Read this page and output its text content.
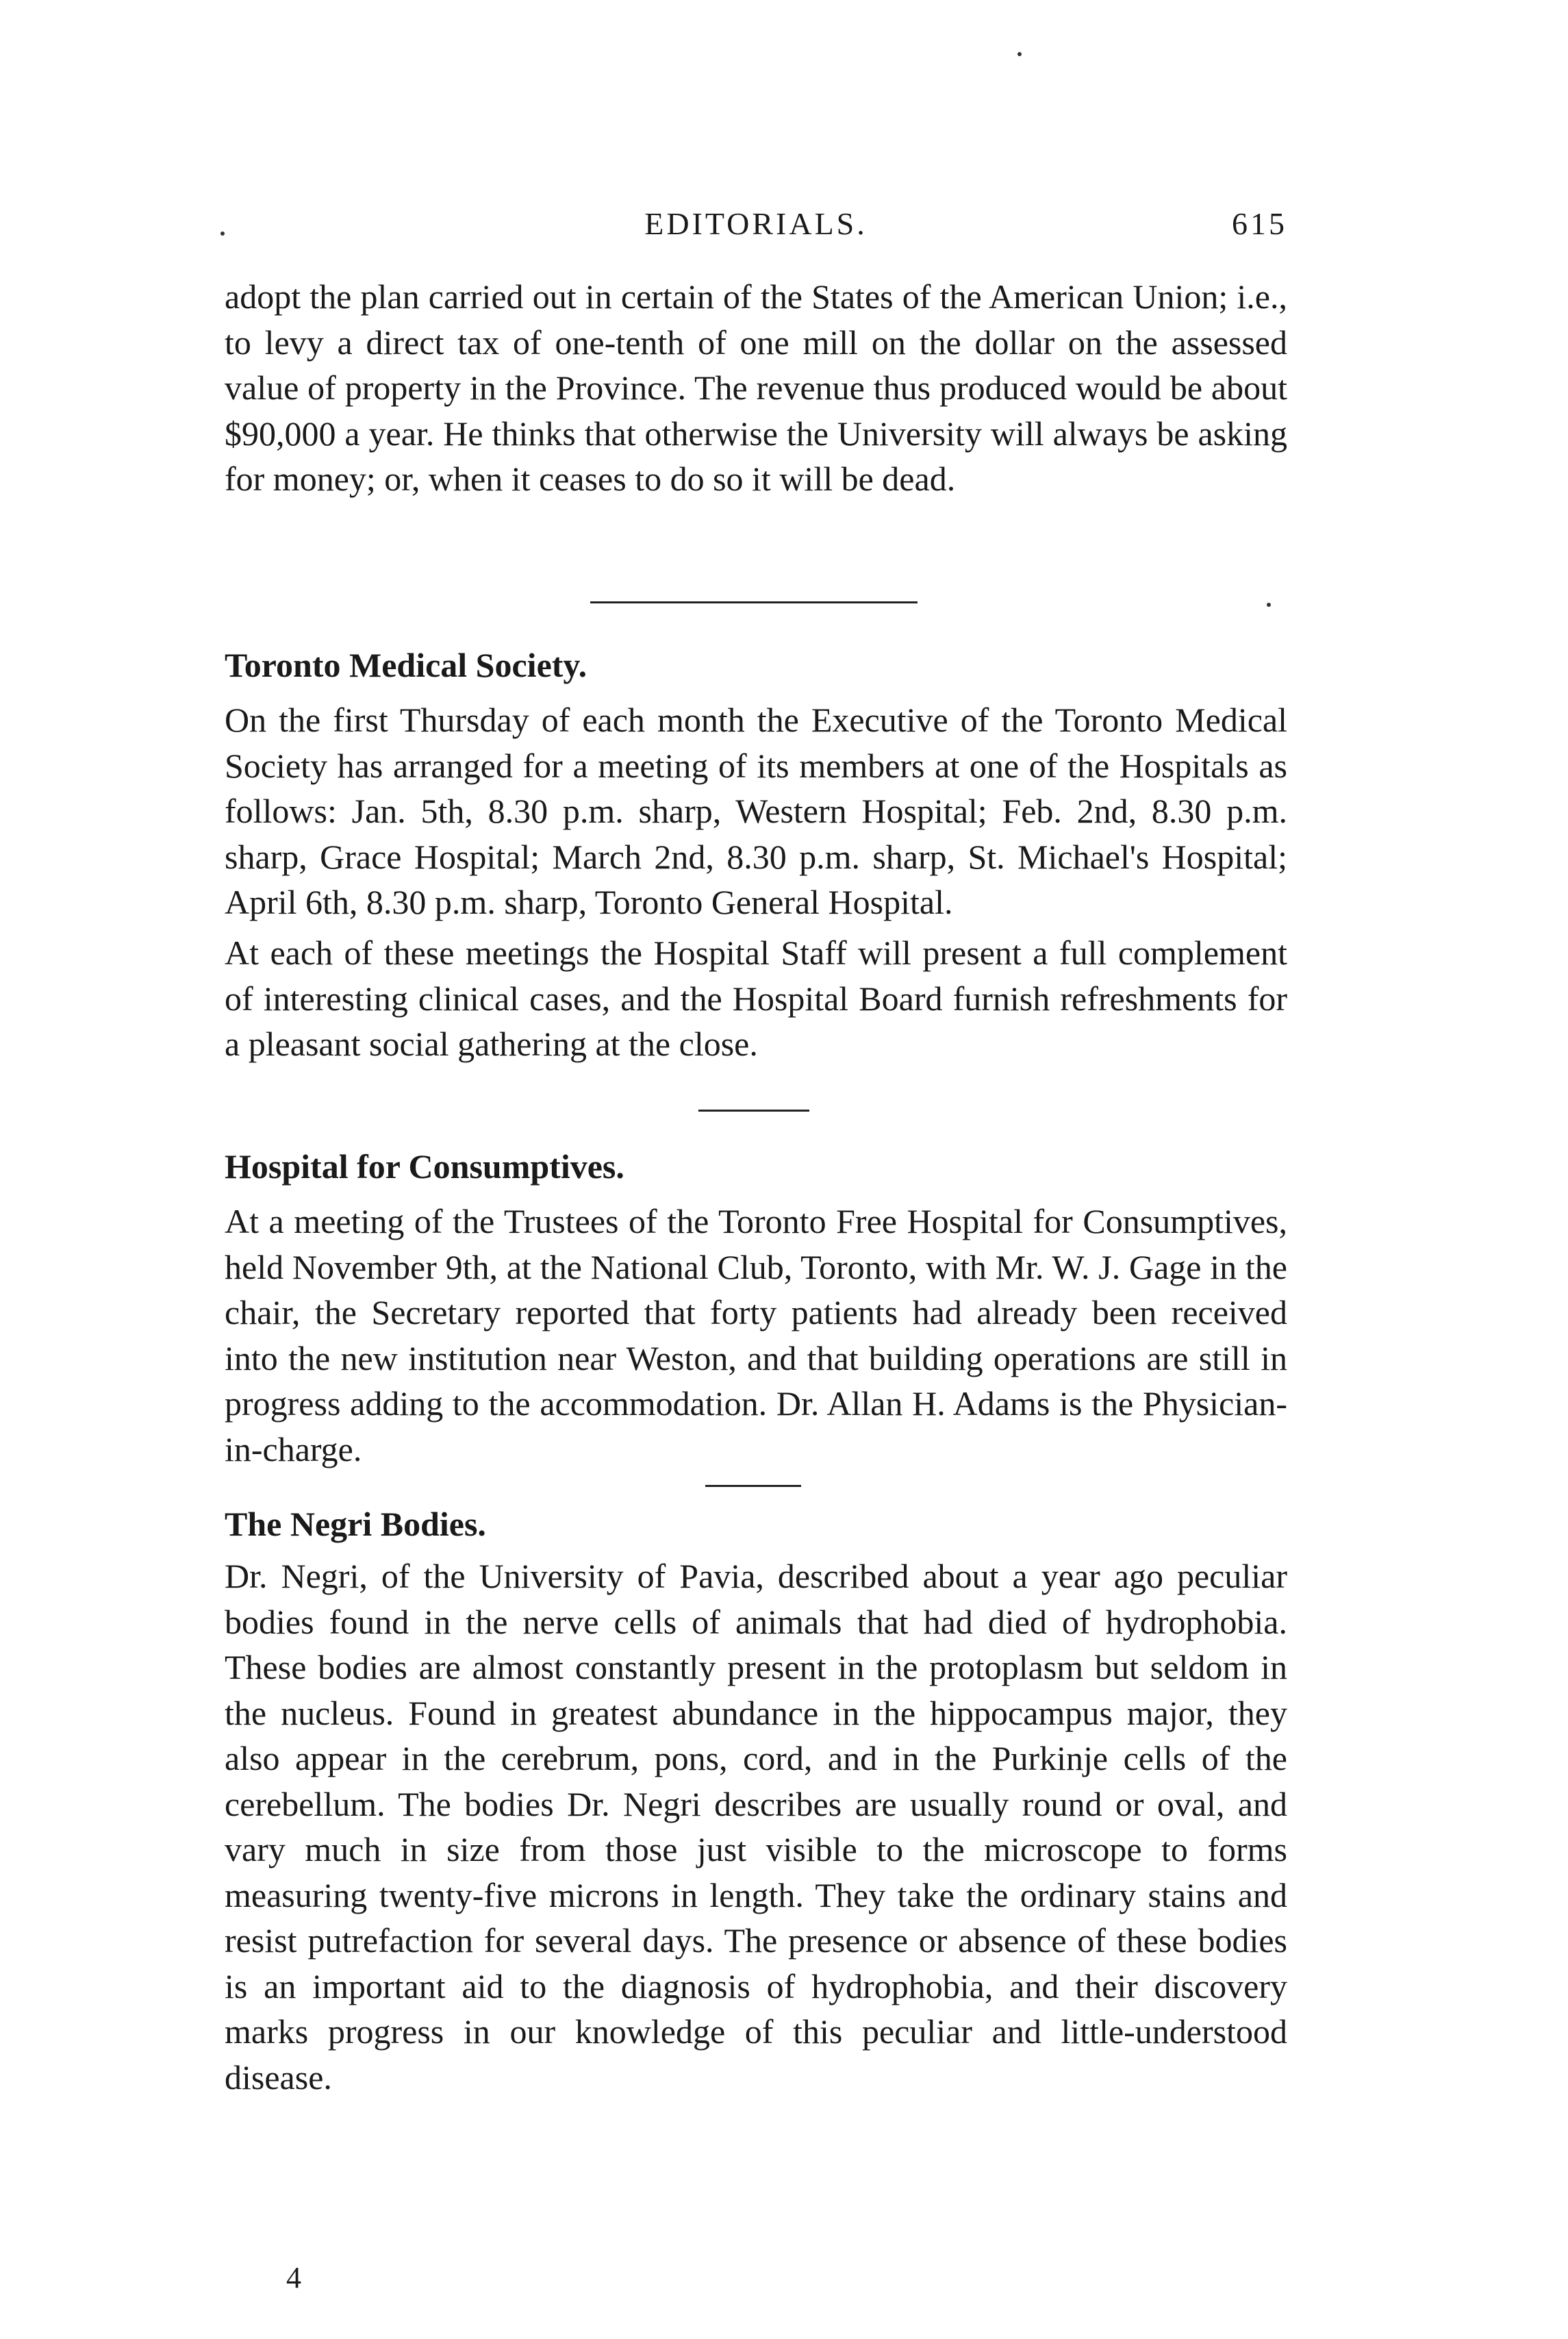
EDITORIALS.	615

adopt the plan carried out in certain of the States of the American Union; i.e., to levy a direct tax of one-tenth of one mill on the dollar on the assessed value of property in the Province. The revenue thus produced would be about $90,000 a year. He thinks that otherwise the University will always be asking for money; or, when it ceases to do so it will be dead.

Toronto Medical Society.

On the first Thursday of each month the Executive of the Toronto Medical Society has arranged for a meeting of its members at one of the Hospitals as follows: Jan. 5th, 8.30 p.m. sharp, Western Hospital; Feb. 2nd, 8.30 p.m. sharp, Grace Hospital; March 2nd, 8.30 p.m. sharp, St. Michael's Hospital; April 6th, 8.30 p.m. sharp, Toronto General Hospital.

At each of these meetings the Hospital Staff will present a full complement of interesting clinical cases, and the Hospital Board furnish refreshments for a pleasant social gathering at the close.

Hospital for Consumptives.

At a meeting of the Trustees of the Toronto Free Hospital for Consumptives, held November 9th, at the National Club, Toronto, with Mr. W. J. Gage in the chair, the Secretary reported that forty patients had already been received into the new institution near Weston, and that building operations are still in progress adding to the accommodation. Dr. Allan H. Adams is the Physician-in-charge.

The Negri Bodies.

Dr. Negri, of the University of Pavia, described about a year ago peculiar bodies found in the nerve cells of animals that had died of hydrophobia. These bodies are almost constantly present in the protoplasm but seldom in the nucleus. Found in greatest abundance in the hippocampus major, they also appear in the cerebrum, pons, cord, and in the Purkinje cells of the cerebellum. The bodies Dr. Negri describes are usually round or oval, and vary much in size from those just visible to the microscope to forms measuring twenty-five microns in length. They take the ordinary stains and resist putrefaction for several days. The presence or absence of these bodies is an important aid to the diagnosis of hydrophobia, and their discovery marks progress in our knowledge of this peculiar and little-understood disease.

4
